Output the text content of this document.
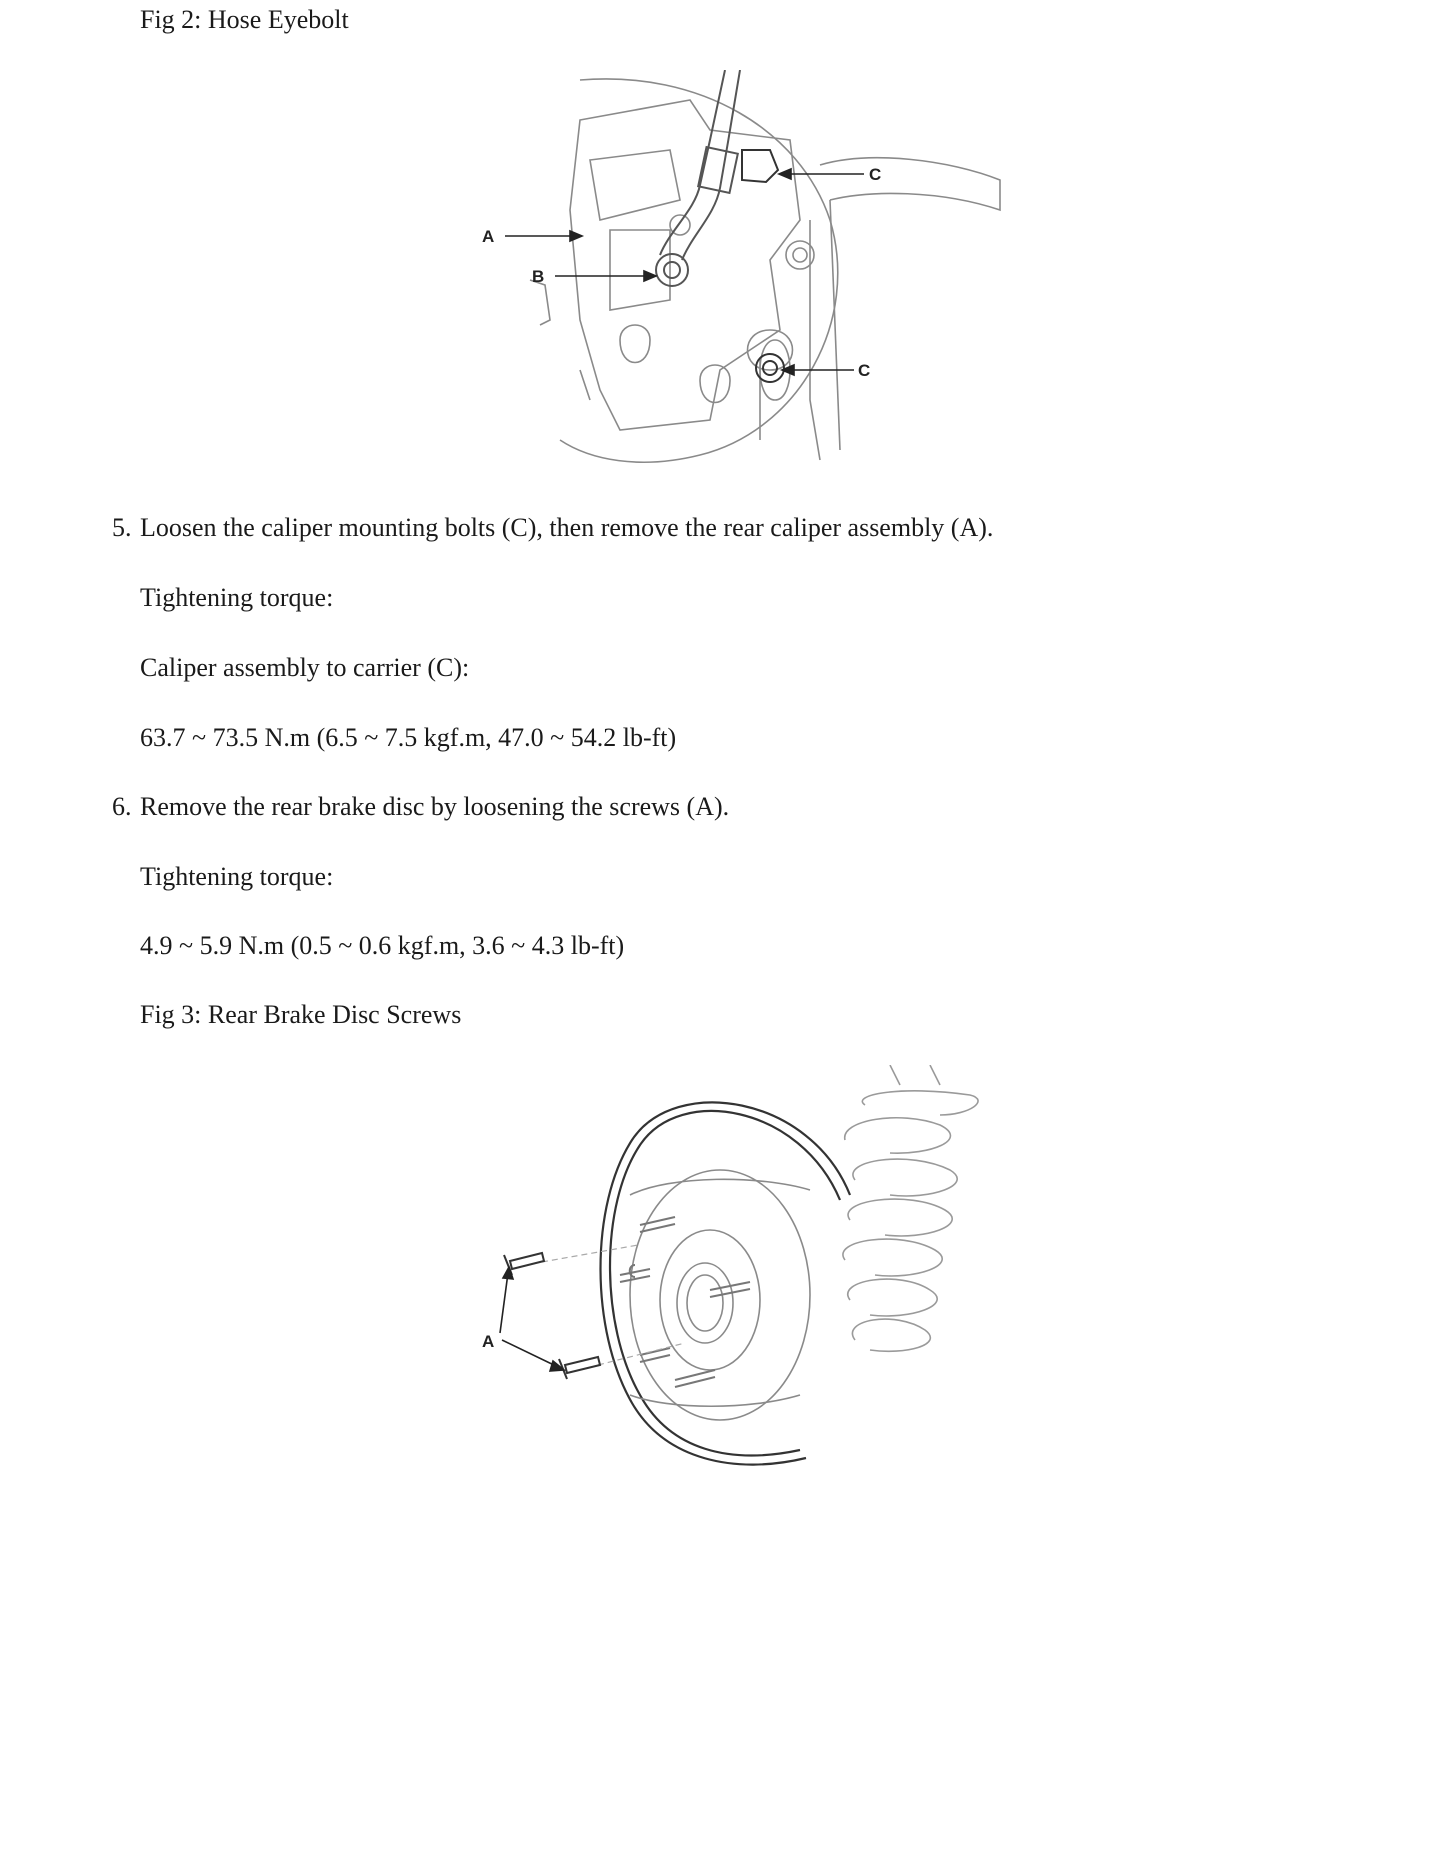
Fig 2: Hose Eyebolt
A
B
C
C
5. Loosen the caliper mounting bolts (C), then remove the rear caliper assembly (A).
Tightening torque:
Caliper assembly to carrier (C):
63.7 ~ 73.5 N.m (6.5 ~ 7.5 kgf.m, 47.0 ~ 54.2 lb-ft)
6. Remove the rear brake disc by loosening the screws (A).
Tightening torque:
4.9 ~ 5.9 N.m (0.5 ~ 0.6 kgf.m, 3.6 ~ 4.3 lb-ft)
Fig 3: Rear Brake Disc Screws
A
